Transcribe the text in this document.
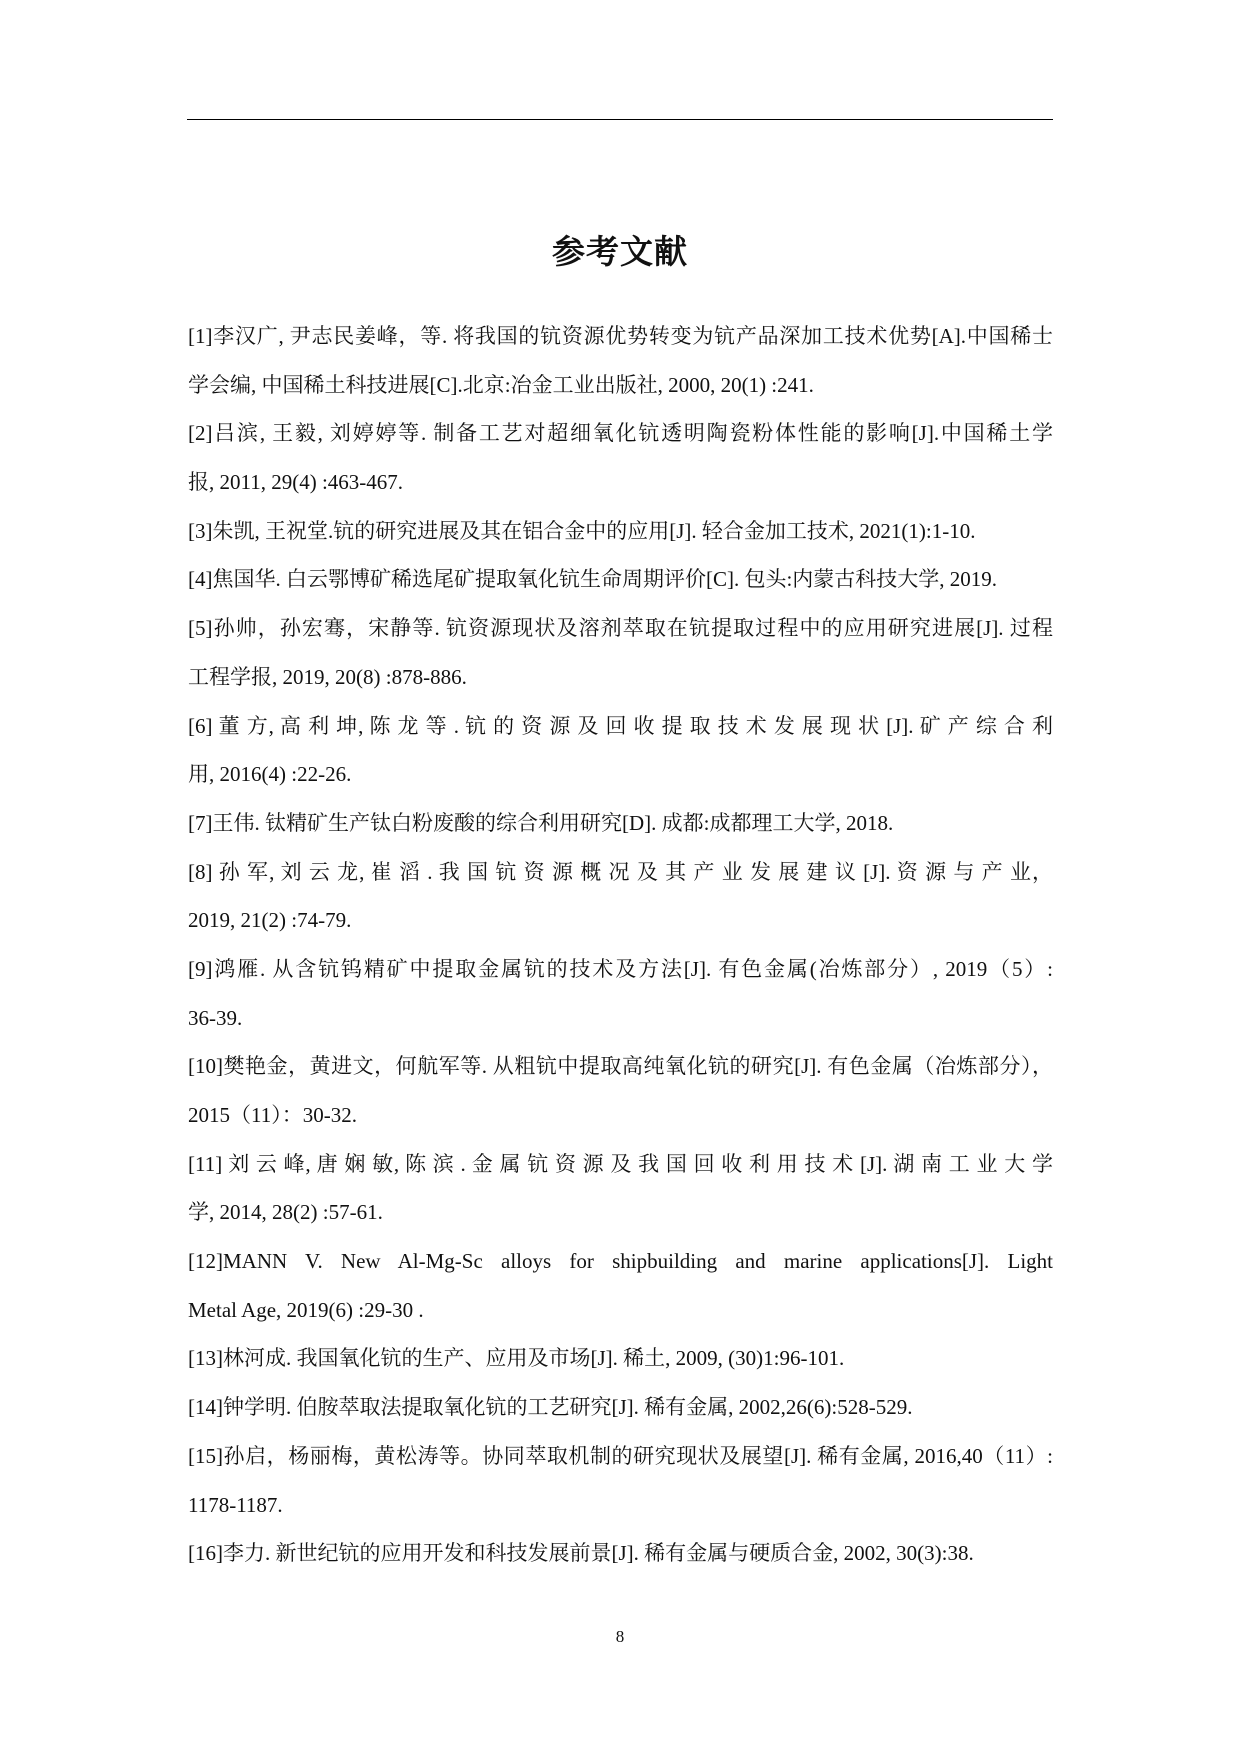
参考文献
[1]李汉广, 尹志民姜峰，等. 将我国的钪资源优势转变为钪产品深加工技术优势[A].中国稀士
学会编, 中国稀土科技进展[C].北京:冶金工业出版社, 2000, 20(1) :241.
[2]吕滨, 王毅, 刘婷婷等. 制备工艺对超细氧化钪透明陶瓷粉体性能的影响[J].中国稀土学
报, 2011, 29(4) :463-467.
[3]朱凯, 王祝堂.钪的研究进展及其在铝合金中的应用[J]. 轻合金加工技术, 2021(1):1-10.
[4]焦国华. 白云鄂博矿稀选尾矿提取氧化钪生命周期评价[C]. 包头:内蒙古科技大学, 2019.
[5]孙帅，孙宏骞，宋静等. 钪资源现状及溶剂萃取在钪提取过程中的应用研究进展[J]. 过程
工程学报, 2019, 20(8) :878-886.
[6] 董 方, 高 利 坤, 陈 龙 等 . 钪 的 资 源 及 回 收 提 取 技 术 发 展 现 状 [J]. 矿 产 综 合 利
用, 2016(4) :22-26.
[7]王伟. 钛精矿生产钛白粉废酸的综合利用研究[D]. 成都:成都理工大学, 2018.
[8] 孙 军, 刘 云 龙, 崔 滔 . 我 国 钪 资 源 概 况 及 其 产 业 发 展 建 议 [J]. 资 源 与 产 业，
2019, 21(2) :74-79.
[9]鸿雁. 从含钪钨精矿中提取金属钪的技术及方法[J]. 有色金属(冶炼部分）, 2019（5）:
36-39.
[10]樊艳金，黄进文，何航军等. 从粗钪中提取高纯氧化钪的研究[J]. 有色金属（冶炼部分），
2015（11）：30-32.
[11] 刘 云 峰, 唐 娴 敏, 陈 滨 . 金 属 钪 资 源 及 我 国 回 收 利 用 技 术 [J]. 湖 南 工 业 大 学
学, 2014, 28(2) :57-61.
[12]MANN V. New Al-Mg-Sc alloys for shipbuilding and marine applications[J]. Light
Metal Age, 2019(6) :29-30 .
[13]林河成. 我国氧化钪的生产、应用及市场[J]. 稀土, 2009, (30)1:96-101.
[14]钟学明. 伯胺萃取法提取氧化钪的工艺研究[J]. 稀有金属, 2002,26(6):528-529.
[15]孙启，杨丽梅，黄松涛等。协同萃取机制的研究现状及展望[J]. 稀有金属, 2016,40（11）:
1178-1187.
[16]李力. 新世纪钪的应用开发和科技发展前景[J]. 稀有金属与硬质合金, 2002, 30(3):38.
8
